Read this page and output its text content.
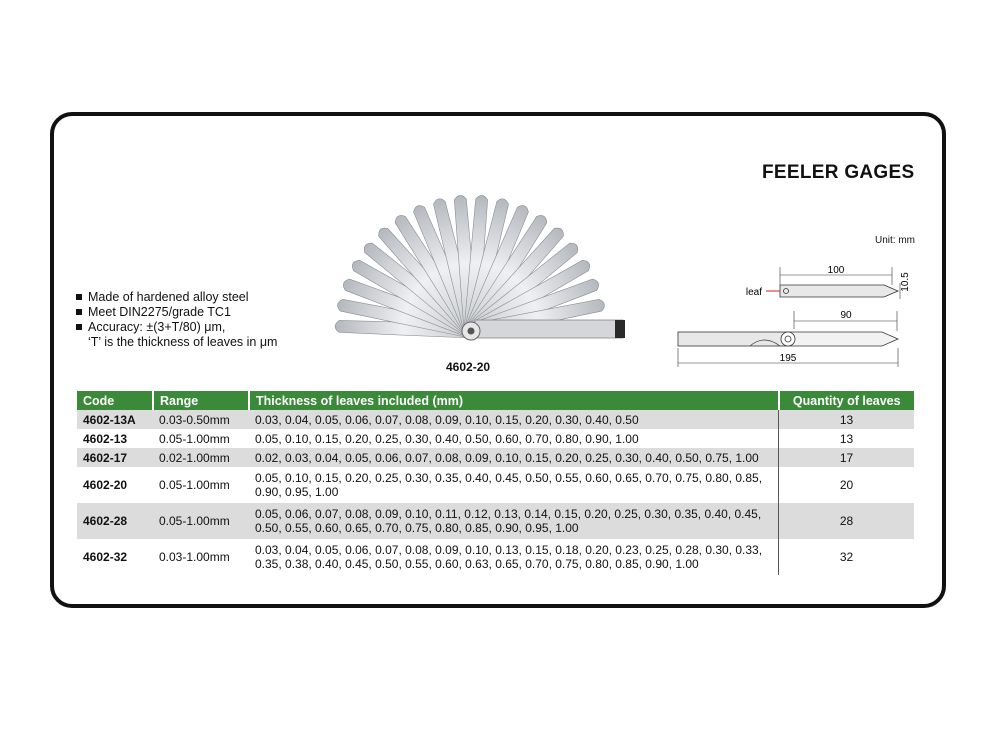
FEELER GAGES
Unit: mm
Made of hardened alloy steel
Meet DIN2275/grade TC1
Accuracy: ±(3+T/80) μm,
‘T’ is the thickness of leaves in μm
4602-20
100
10.5
leaf
90
195
Code	Range	Thickness of leaves included (mm)	Quantity of leaves
4602-13A	0.03-0.50mm	0.03, 0.04, 0.05, 0.06, 0.07, 0.08, 0.09, 0.10, 0.15, 0.20, 0.30, 0.40, 0.50	13
4602-13	0.05-1.00mm	0.05, 0.10, 0.15, 0.20, 0.25, 0.30, 0.40, 0.50, 0.60, 0.70, 0.80, 0.90, 1.00	13
4602-17	0.02-1.00mm	0.02, 0.03, 0.04, 0.05, 0.06, 0.07, 0.08, 0.09, 0.10, 0.15, 0.20, 0.25, 0.30, 0.40, 0.50, 0.75, 1.00	17
4602-20	0.05-1.00mm	0.05, 0.10, 0.15, 0.20, 0.25, 0.30, 0.35, 0.40, 0.45, 0.50, 0.55, 0.60, 0.65, 0.70, 0.75, 0.80, 0.85, 0.90, 0.95, 1.00	20
4602-28	0.05-1.00mm	0.05, 0.06, 0.07, 0.08, 0.09, 0.10, 0.11, 0.12, 0.13, 0.14, 0.15, 0.20, 0.25, 0.30, 0.35, 0.40, 0.45, 0.50, 0.55, 0.60, 0.65, 0.70, 0.75, 0.80, 0.85, 0.90, 0.95, 1.00	28
4602-32	0.03-1.00mm	0.03, 0.04, 0.05, 0.06, 0.07, 0.08, 0.09, 0.10, 0.13, 0.15, 0.18, 0.20, 0.23, 0.25, 0.28, 0.30, 0.33, 0.35, 0.38, 0.40, 0.45, 0.50, 0.55, 0.60, 0.63, 0.65, 0.70, 0.75, 0.80, 0.85, 0.90, 1.00	32
